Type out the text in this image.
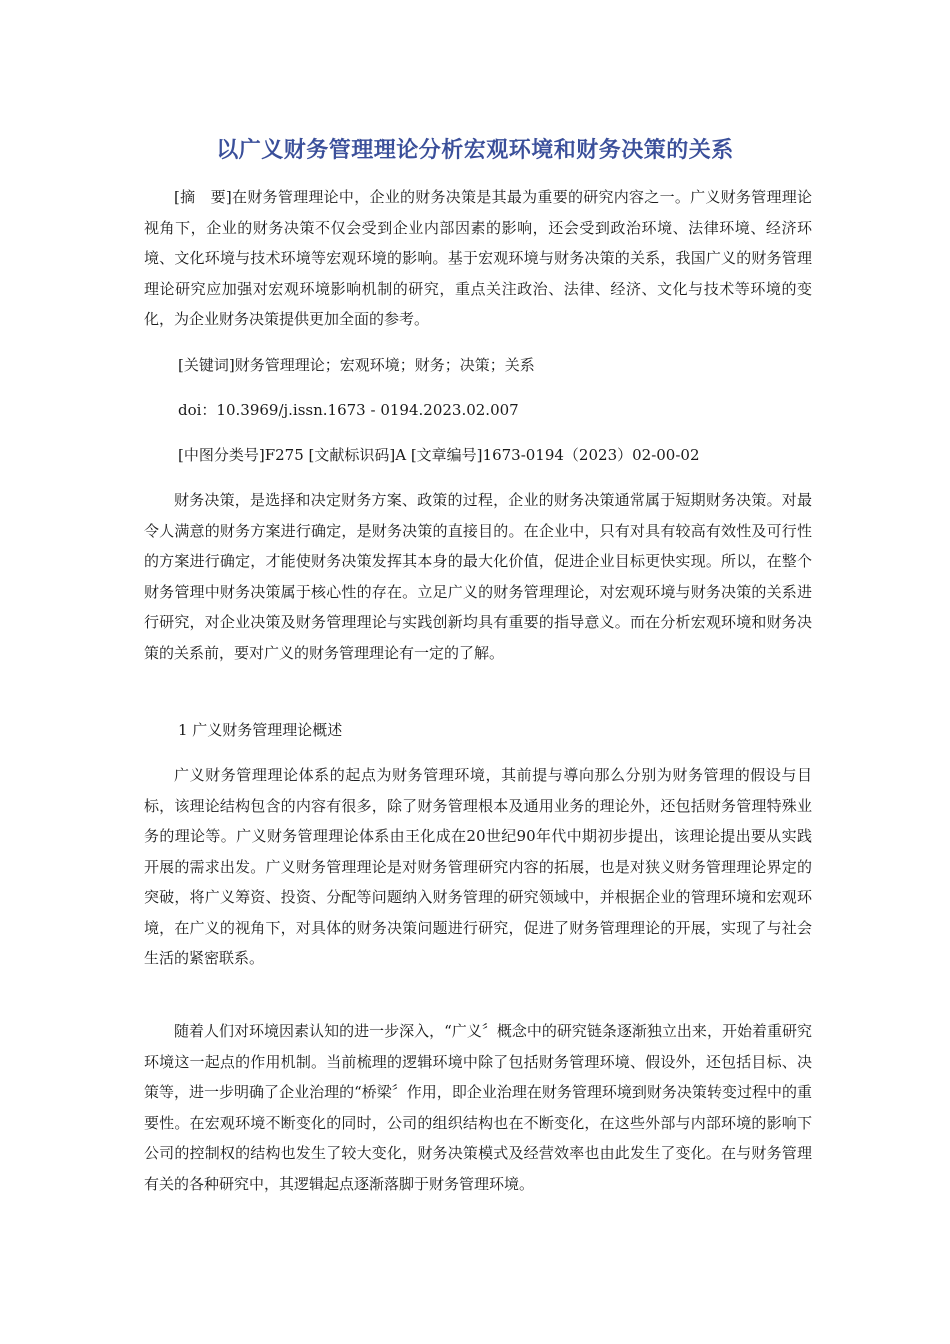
以广义财务管理理论分析宏观环境和财务决策的关系
[摘　要]在财务管理理论中，企业的财务决策是其最为重要的研究内容之一。广义财务管理理论视角下，企业的财务决策不仅会受到企业内部因素的影响，还会受到政治环境、法律环境、经济环境、文化环境与技术环境等宏观环境的影响。基于宏观环境与财务决策的关系，我国广义的财务管理理论研究应加强对宏观环境影响机制的研究，重点关注政治、法律、经济、文化与技术等环境的变化，为企业财务决策提供更加全面的参考。
[关键词]财务管理理论；宏观环境；财务；决策；关系
doi：10.3969/j.issn.1673 - 0194.2023.02.007
[中图分类号]F275 [文献标识码]A [文章编号]1673-0194（2023）02-00-02
财务决策，是选择和决定财务方案、政策的过程，企业的财务决策通常属于短期财务决策。对最令人满意的财务方案进行确定，是财务决策的直接目的。在企业中，只有对具有较高有效性及可行性的方案进行确定，才能使财务决策发挥其本身的最大化价值，促进企业目标更快实现。所以，在整个财务管理中财务决策属于核心性的存在。立足广义的财务管理理论，对宏观环境与财务决策的关系进行研究，对企业决策及财务管理理论与实践创新均具有重要的指导意义。而在分析宏观环境和财务决策的关系前，要对广义的财务管理理论有一定的了解。
1 广义财务管理理论概述
广义财务管理理论体系的起点为财务管理环境，其前提与導向那么分别为财务管理的假设与目标，该理论结构包含的内容有很多，除了财务管理根本及通用业务的理论外，还包括财务管理特殊业务的理论等。广义财务管理理论体系由王化成在20世纪90年代中期初步提出，该理论提出要从实践开展的需求出发。广义财务管理理论是对财务管理研究内容的拓展，也是对狭义财务管理理论界定的突破，将广义筹资、投资、分配等问题纳入财务管理的研究领域中，并根据企业的管理环境和宏观环境，在广义的视角下，对具体的财务决策问题进行研究，促进了财务管理理论的开展，实现了与社会生活的紧密联系。
随着人们对环境因素认知的进一步深入，“广义〞概念中的研究链条逐渐独立出来，开始着重研究环境这一起点的作用机制。当前梳理的逻辑环境中除了包括财务管理环境、假设外，还包括目标、决策等，进一步明确了企业治理的“桥梁〞作用，即企业治理在财务管理环境到财务决策转变过程中的重要性。在宏观环境不断变化的同时，公司的组织结构也在不断变化，在这些外部与内部环境的影响下公司的控制权的结构也发生了较大变化，财务决策模式及经营效率也由此发生了变化。在与财务管理有关的各种研究中，其逻辑起点逐渐落脚于财务管理环境。
